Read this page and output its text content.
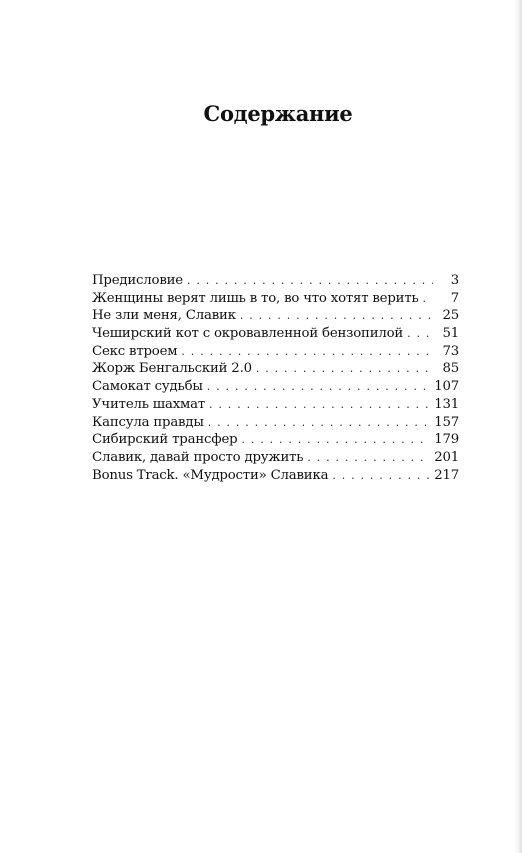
Содержание
Предисловие . . .	3
Женщины верят лишь в то, во что хотят верить . . .	7
Не зли меня, Славик . . .	25
Чеширский кот с окровавленной бензопилой . . .	51
Секс втроем . . .	73
Жорж Бенгальский 2.0 . . .	85
Самокат судьбы . . .	107
Учитель шахмат . . .	131
Капсула правды . . .	157
Сибирский трансфер . . .	179
Славик, давай просто дружить . . .	201
Bonus Track. «Мудрости» Славика . . .	217
